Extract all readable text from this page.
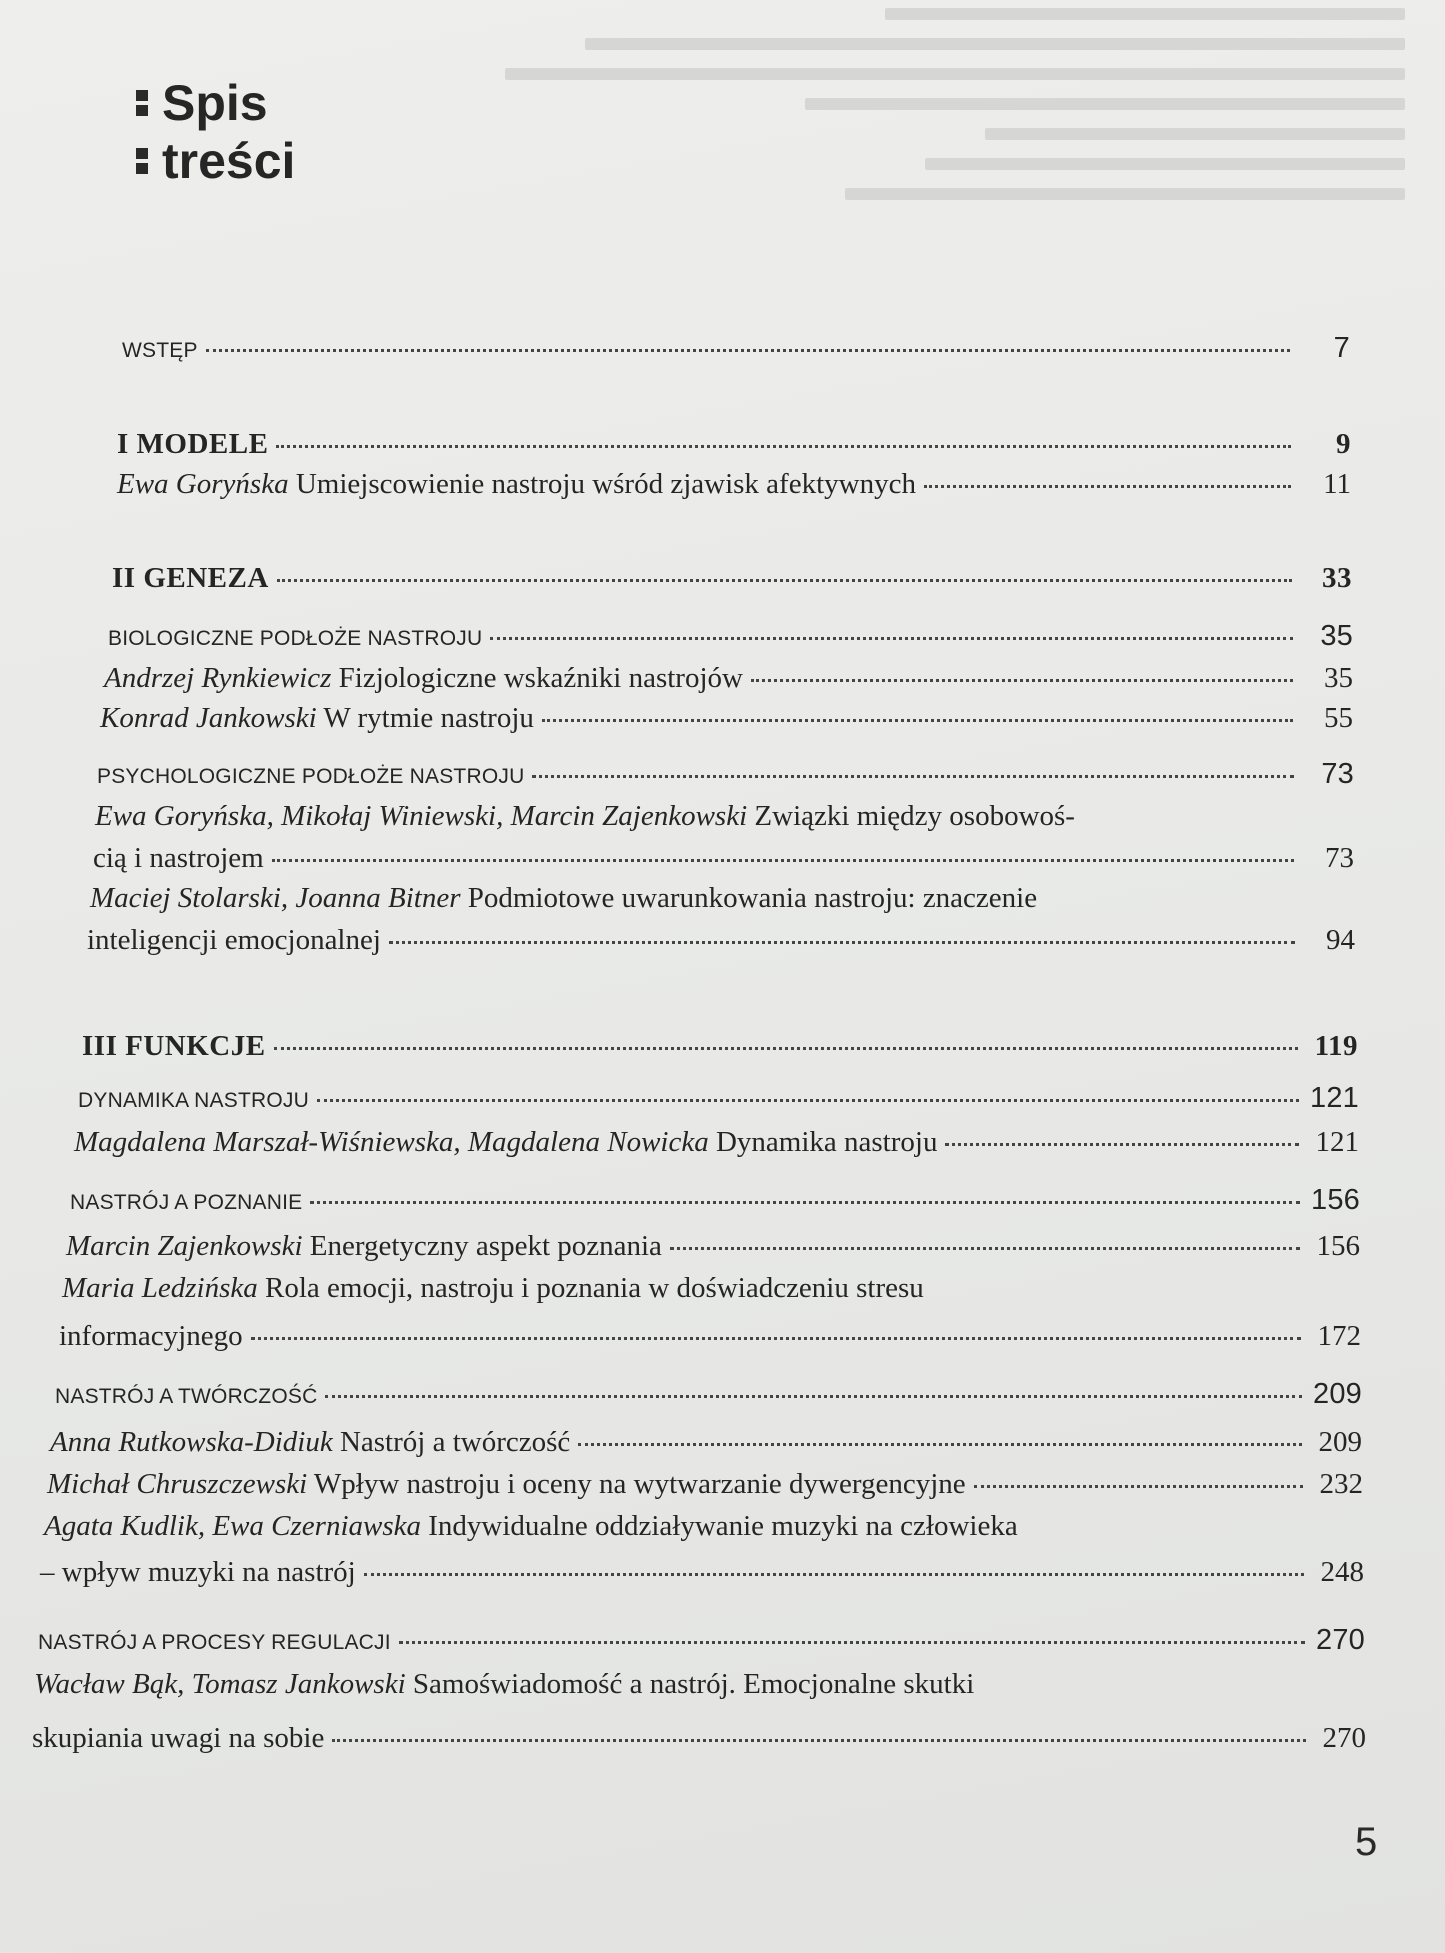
Spis
treści
WSTĘP	7
I MODELE	9
Ewa Goryńska Umiejscowienie nastroju wśród zjawisk afektywnych	11
II GENEZA	33
BIOLOGICZNE PODŁOŻE NASTROJU	35
Andrzej Rynkiewicz Fizjologiczne wskaźniki nastrojów	35
Konrad Jankowski W rytmie nastroju	55
PSYCHOLOGICZNE PODŁOŻE NASTROJU	73
Ewa Goryńska, Mikołaj Winiewski, Marcin Zajenkowski Związki między osobowoś-
cią i nastrojem	73
Maciej Stolarski, Joanna Bitner Podmiotowe uwarunkowania nastroju: znaczenie
inteligencji emocjonalnej	94
III FUNKCJE	119
DYNAMIKA NASTROJU	121
Magdalena Marszał-Wiśniewska, Magdalena Nowicka Dynamika nastroju	121
NASTRÓJ A POZNANIE	156
Marcin Zajenkowski Energetyczny aspekt poznania	156
Maria Ledzińska Rola emocji, nastroju i poznania w doświadczeniu stresu
informacyjnego	172
NASTRÓJ A TWÓRCZOŚĆ	209
Anna Rutkowska-Didiuk Nastrój a twórczość	209
Michał Chruszczewski Wpływ nastroju i oceny na wytwarzanie dywergencyjne	232
Agata Kudlik, Ewa Czerniawska Indywidualne oddziaływanie muzyki na człowieka
– wpływ muzyki na nastrój	248
NASTRÓJ A PROCESY REGULACJI	270
Wacław Bąk, Tomasz Jankowski Samoświadomość a nastrój. Emocjonalne skutki
skupiania uwagi na sobie	270
5
